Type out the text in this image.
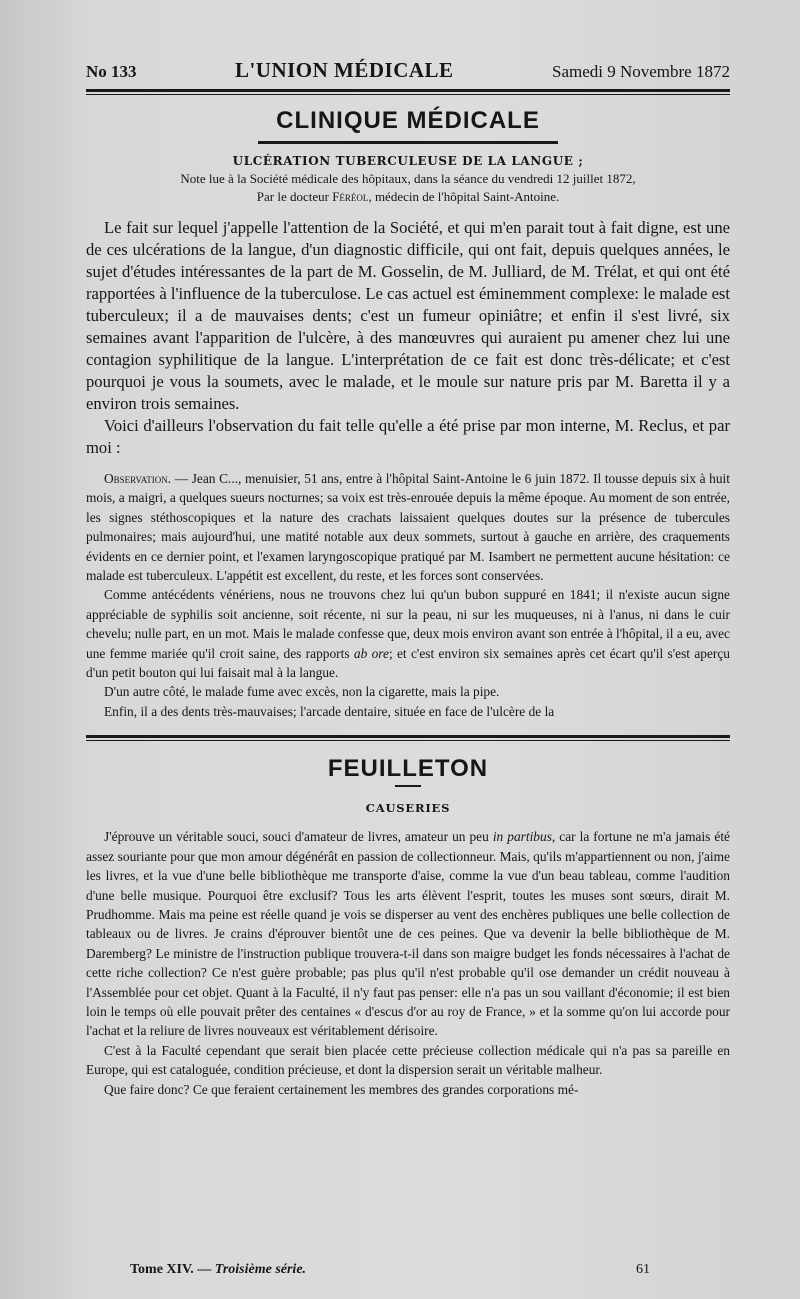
No 133	L'UNION MÉDICALE	Samedi 9 Novembre 1872
CLINIQUE MÉDICALE
ULCÉRATION TUBERCULEUSE DE LA LANGUE ;
Note lue à la Société médicale des hôpitaux, dans la séance du vendredi 12 juillet 1872,
Par le docteur Féréol, médecin de l'hôpital Saint-Antoine.

Le fait sur lequel j'appelle l'attention de la Société, et qui m'en parait tout à fait digne, est une de ces ulcérations de la langue, d'un diagnostic difficile, qui ont fait, depuis quelques années, le sujet d'études intéressantes de la part de M. Gosselin, de M. Julliard, de M. Trélat, et qui ont été rapportées à l'influence de la tuberculose. Le cas actuel est éminemment complexe: le malade est tuberculeux; il a de mauvaises dents; c'est un fumeur opiniâtre; et enfin il s'est livré, six semaines avant l'apparition de l'ulcère, à des manœuvres qui auraient pu amener chez lui une contagion syphilitique de la langue. L'interprétation de ce fait est donc très-délicate; et c'est pourquoi je vous la soumets, avec le malade, et le moule sur nature pris par M. Baretta il y a environ trois semaines.

Voici d'ailleurs l'observation du fait telle qu'elle a été prise par mon interne, M. Reclus, et par moi :

Observation. — Jean C..., menuisier, 51 ans, entre à l'hôpital Saint-Antoine le 6 juin 1872. Il tousse depuis six à huit mois, a maigri, a quelques sueurs nocturnes; sa voix est très-enrouée depuis la même époque. Au moment de son entrée, les signes stéthoscopiques et la nature des crachats laissaient quelques doutes sur la présence de tubercules pulmonaires; mais aujourd'hui, une matité notable aux deux sommets, surtout à gauche en arrière, des craquements évidents en ce dernier point, et l'examen laryngoscopique pratiqué par M. Isambert ne permettent aucune hésitation: ce malade est tuberculeux. L'appétit est excellent, du reste, et les forces sont conservées.

Comme antécédents vénériens, nous ne trouvons chez lui qu'un bubon suppuré en 1841; il n'existe aucun signe appréciable de syphilis soit ancienne, soit récente, ni sur la peau, ni sur les muqueuses, ni à l'anus, ni dans le cuir chevelu; nulle part, en un mot. Mais le malade confesse que, deux mois environ avant son entrée à l'hôpital, il a eu, avec une femme mariée qu'il croit saine, des rapports ab ore; et c'est environ six semaines après cet écart qu'il s'est aperçu d'un petit bouton qui lui faisait mal à la langue.

D'un autre côté, le malade fume avec excès, non la cigarette, mais la pipe.

Enfin, il a des dents très-mauvaises; l'arcade dentaire, située en face de l'ulcère de la

FEUILLETON
CAUSERIES

J'éprouve un véritable souci, souci d'amateur de livres, amateur un peu in partibus, car la fortune ne m'a jamais été assez souriante pour que mon amour dégénérât en passion de collectionneur. Mais, qu'ils m'appartiennent ou non, j'aime les livres, et la vue d'une belle bibliothèque me transporte d'aise, comme la vue d'un beau tableau, comme l'audition d'une belle musique. Pourquoi être exclusif? Tous les arts élèvent l'esprit, toutes les muses sont sœurs, dirait M. Prudhomme. Mais ma peine est réelle quand je vois se disperser au vent des enchères publiques une belle collection de tableaux ou de livres. Je crains d'éprouver bientôt une de ces peines. Que va devenir la belle bibliothèque de M. Daremberg? Le ministre de l'instruction publique trouvera-t-il dans son maigre budget les fonds nécessaires à l'achat de cette riche collection? Ce n'est guère probable; pas plus qu'il n'est probable qu'il ose demander un crédit nouveau à l'Assemblée pour cet objet. Quant à la Faculté, il n'y faut pas penser: elle n'a pas un sou vaillant d'économie; il est bien loin le temps où elle pouvait prêter des centaines « d'escus d'or au roy de France, » et la somme qu'on lui accorde pour l'achat et la reliure de livres nouveaux est véritablement dérisoire.

C'est à la Faculté cependant que serait bien placée cette précieuse collection médicale qui n'a pas sa pareille en Europe, qui est cataloguée, condition précieuse, et dont la dispersion serait un véritable malheur.

Que faire donc? Ce que feraient certainement les membres des grandes corporations mé-

Tome XIV. — Troisième série.	61
